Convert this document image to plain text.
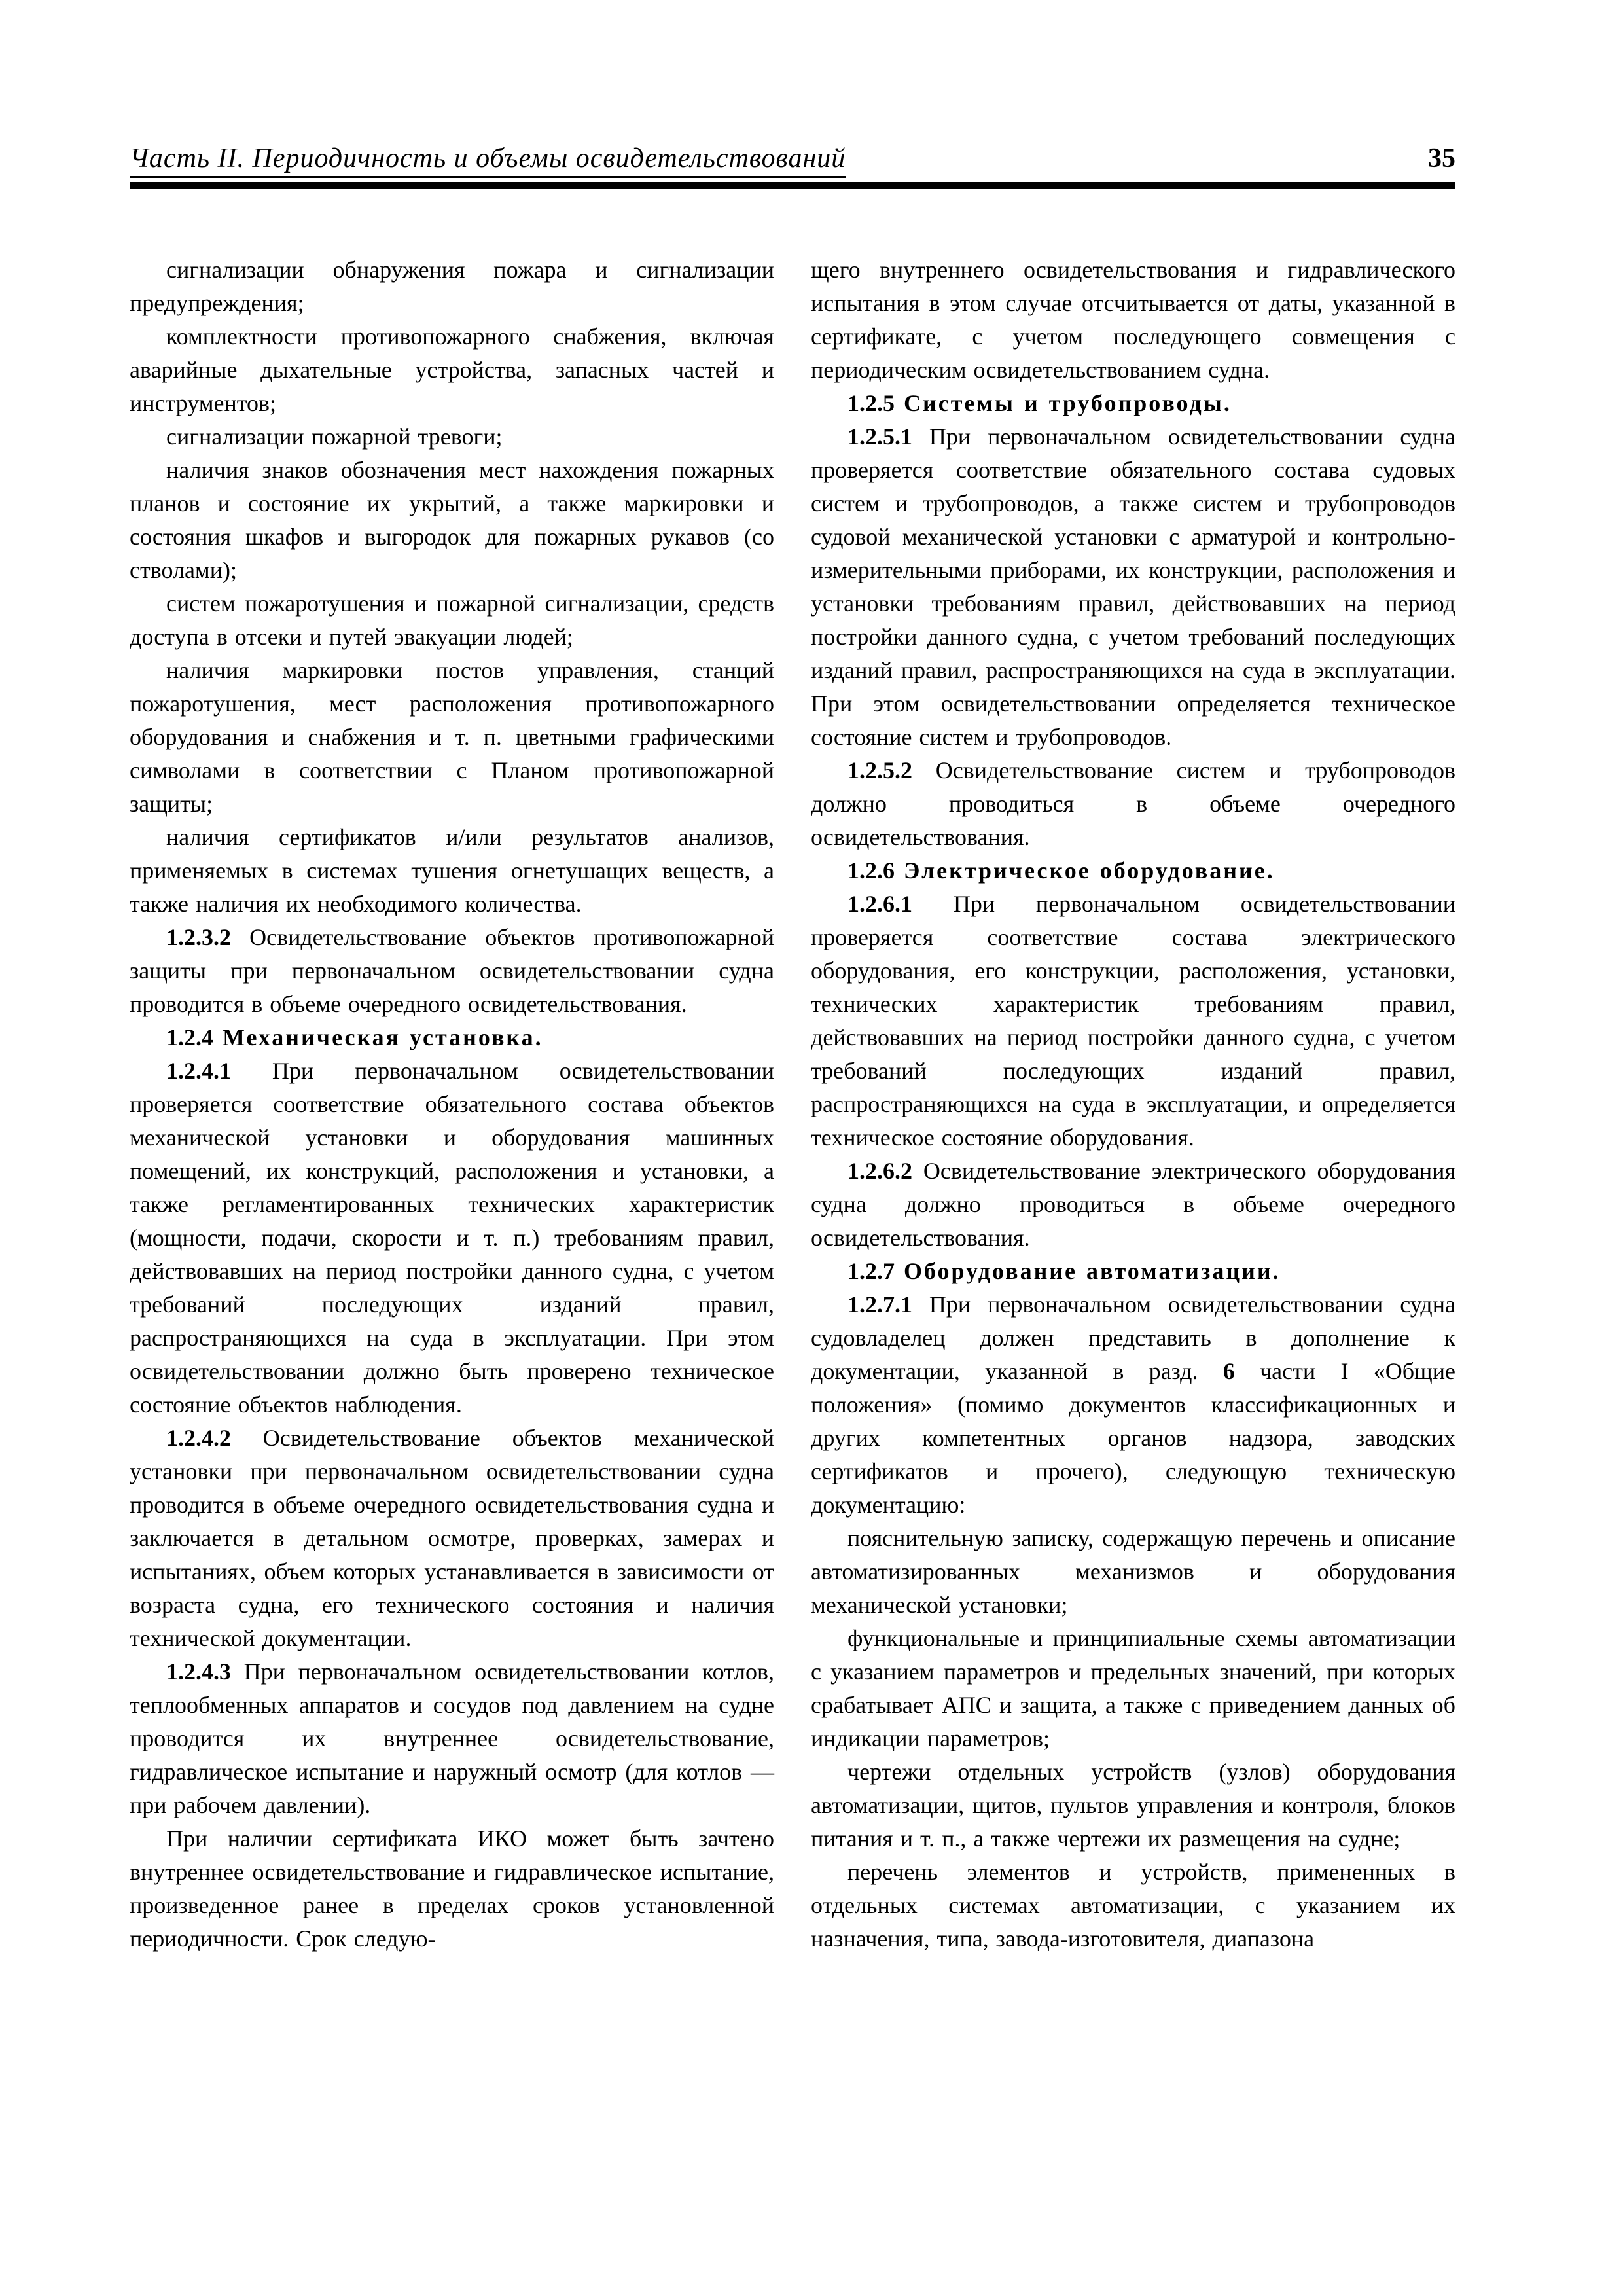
Часть II. Периодичность и объемы освидетельствований	35

сигнализации обнаружения пожара и сигнализации предупреждения;

комплектности противопожарного снабжения, включая аварийные дыхательные устройства, запасных частей и инструментов;

сигнализации пожарной тревоги;

наличия знаков обозначения мест нахождения пожарных планов и состояние их укрытий, а также маркировки и состояния шкафов и выгородок для пожарных рукавов (со стволами);

систем пожаротушения и пожарной сигнализации, средств доступа в отсеки и путей эвакуации людей;

наличия маркировки постов управления, станций пожаротушения, мест расположения противопожарного оборудования и снабжения и т. п. цветными графическими символами в соответствии с Планом противопожарной защиты;

наличия сертификатов и/или результатов анализов, применяемых в системах тушения огнетушащих веществ, а также наличия их необходимого количества.

1.2.3.2 Освидетельствование объектов противопожарной защиты при первоначальном освидетельствовании судна проводится в объеме очередного освидетельствования.

1.2.4 Механическая установка.

1.2.4.1 При первоначальном освидетельствовании проверяется соответствие обязательного состава объектов механической установки и оборудования машинных помещений, их конструкций, расположения и установки, а также регламентированных технических характеристик (мощности, подачи, скорости и т. п.) требованиям правил, действовавших на период постройки данного судна, с учетом требований последующих изданий правил, распространяющихся на суда в эксплуатации. При этом освидетельствовании должно быть проверено техническое состояние объектов наблюдения.

1.2.4.2 Освидетельствование объектов механической установки при первоначальном освидетельствовании судна проводится в объеме очередного освидетельствования судна и заключается в детальном осмотре, проверках, замерах и испытаниях, объем которых устанавливается в зависимости от возраста судна, его технического состояния и наличия технической документации.

1.2.4.3 При первоначальном освидетельствовании котлов, теплообменных аппаратов и сосудов под давлением на судне проводится их внутреннее освидетельствование, гидравлическое испытание и наружный осмотр (для котлов — при рабочем давлении).

При наличии сертификата ИКО может быть зачтено внутреннее освидетельствование и гидравлическое испытание, произведенное ранее в пределах сроков установленной периодичности. Срок следую-

щего внутреннего освидетельствования и гидравлического испытания в этом случае отсчитывается от даты, указанной в сертификате, с учетом последующего совмещения с периодическим освидетельствованием судна.

1.2.5 Системы и трубопроводы.

1.2.5.1 При первоначальном освидетельствовании судна проверяется соответствие обязательного состава судовых систем и трубопроводов, а также систем и трубопроводов судовой механической установки с арматурой и контрольно-измерительными приборами, их конструкции, расположения и установки требованиям правил, действовавших на период постройки данного судна, с учетом требований последующих изданий правил, распространяющихся на суда в эксплуатации. При этом освидетельствовании определяется техническое состояние систем и трубопроводов.

1.2.5.2 Освидетельствование систем и трубопроводов должно проводиться в объеме очередного освидетельствования.

1.2.6 Электрическое оборудование.

1.2.6.1 При первоначальном освидетельствовании проверяется соответствие состава электрического оборудования, его конструкции, расположения, установки, технических характеристик требованиям правил, действовавших на период постройки данного судна, с учетом требований последующих изданий правил, распространяющихся на суда в эксплуатации, и определяется техническое состояние оборудования.

1.2.6.2 Освидетельствование электрического оборудования судна должно проводиться в объеме очередного освидетельствования.

1.2.7 Оборудование автоматизации.

1.2.7.1 При первоначальном освидетельствовании судна судовладелец должен представить в дополнение к документации, указанной в разд. 6 части I «Общие положения» (помимо документов классификационных и других компетентных органов надзора, заводских сертификатов и прочего), следующую техническую документацию:

пояснительную записку, содержащую перечень и описание автоматизированных механизмов и оборудования механической установки;

функциональные и принципиальные схемы автоматизации с указанием параметров и предельных значений, при которых срабатывает АПС и защита, а также с приведением данных об индикации параметров;

чертежи отдельных устройств (узлов) оборудования автоматизации, щитов, пультов управления и контроля, блоков питания и т. п., а также чертежи их размещения на судне;

перечень элементов и устройств, примененных в отдельных системах автоматизации, с указанием их назначения, типа, завода-изготовителя, диапазона
